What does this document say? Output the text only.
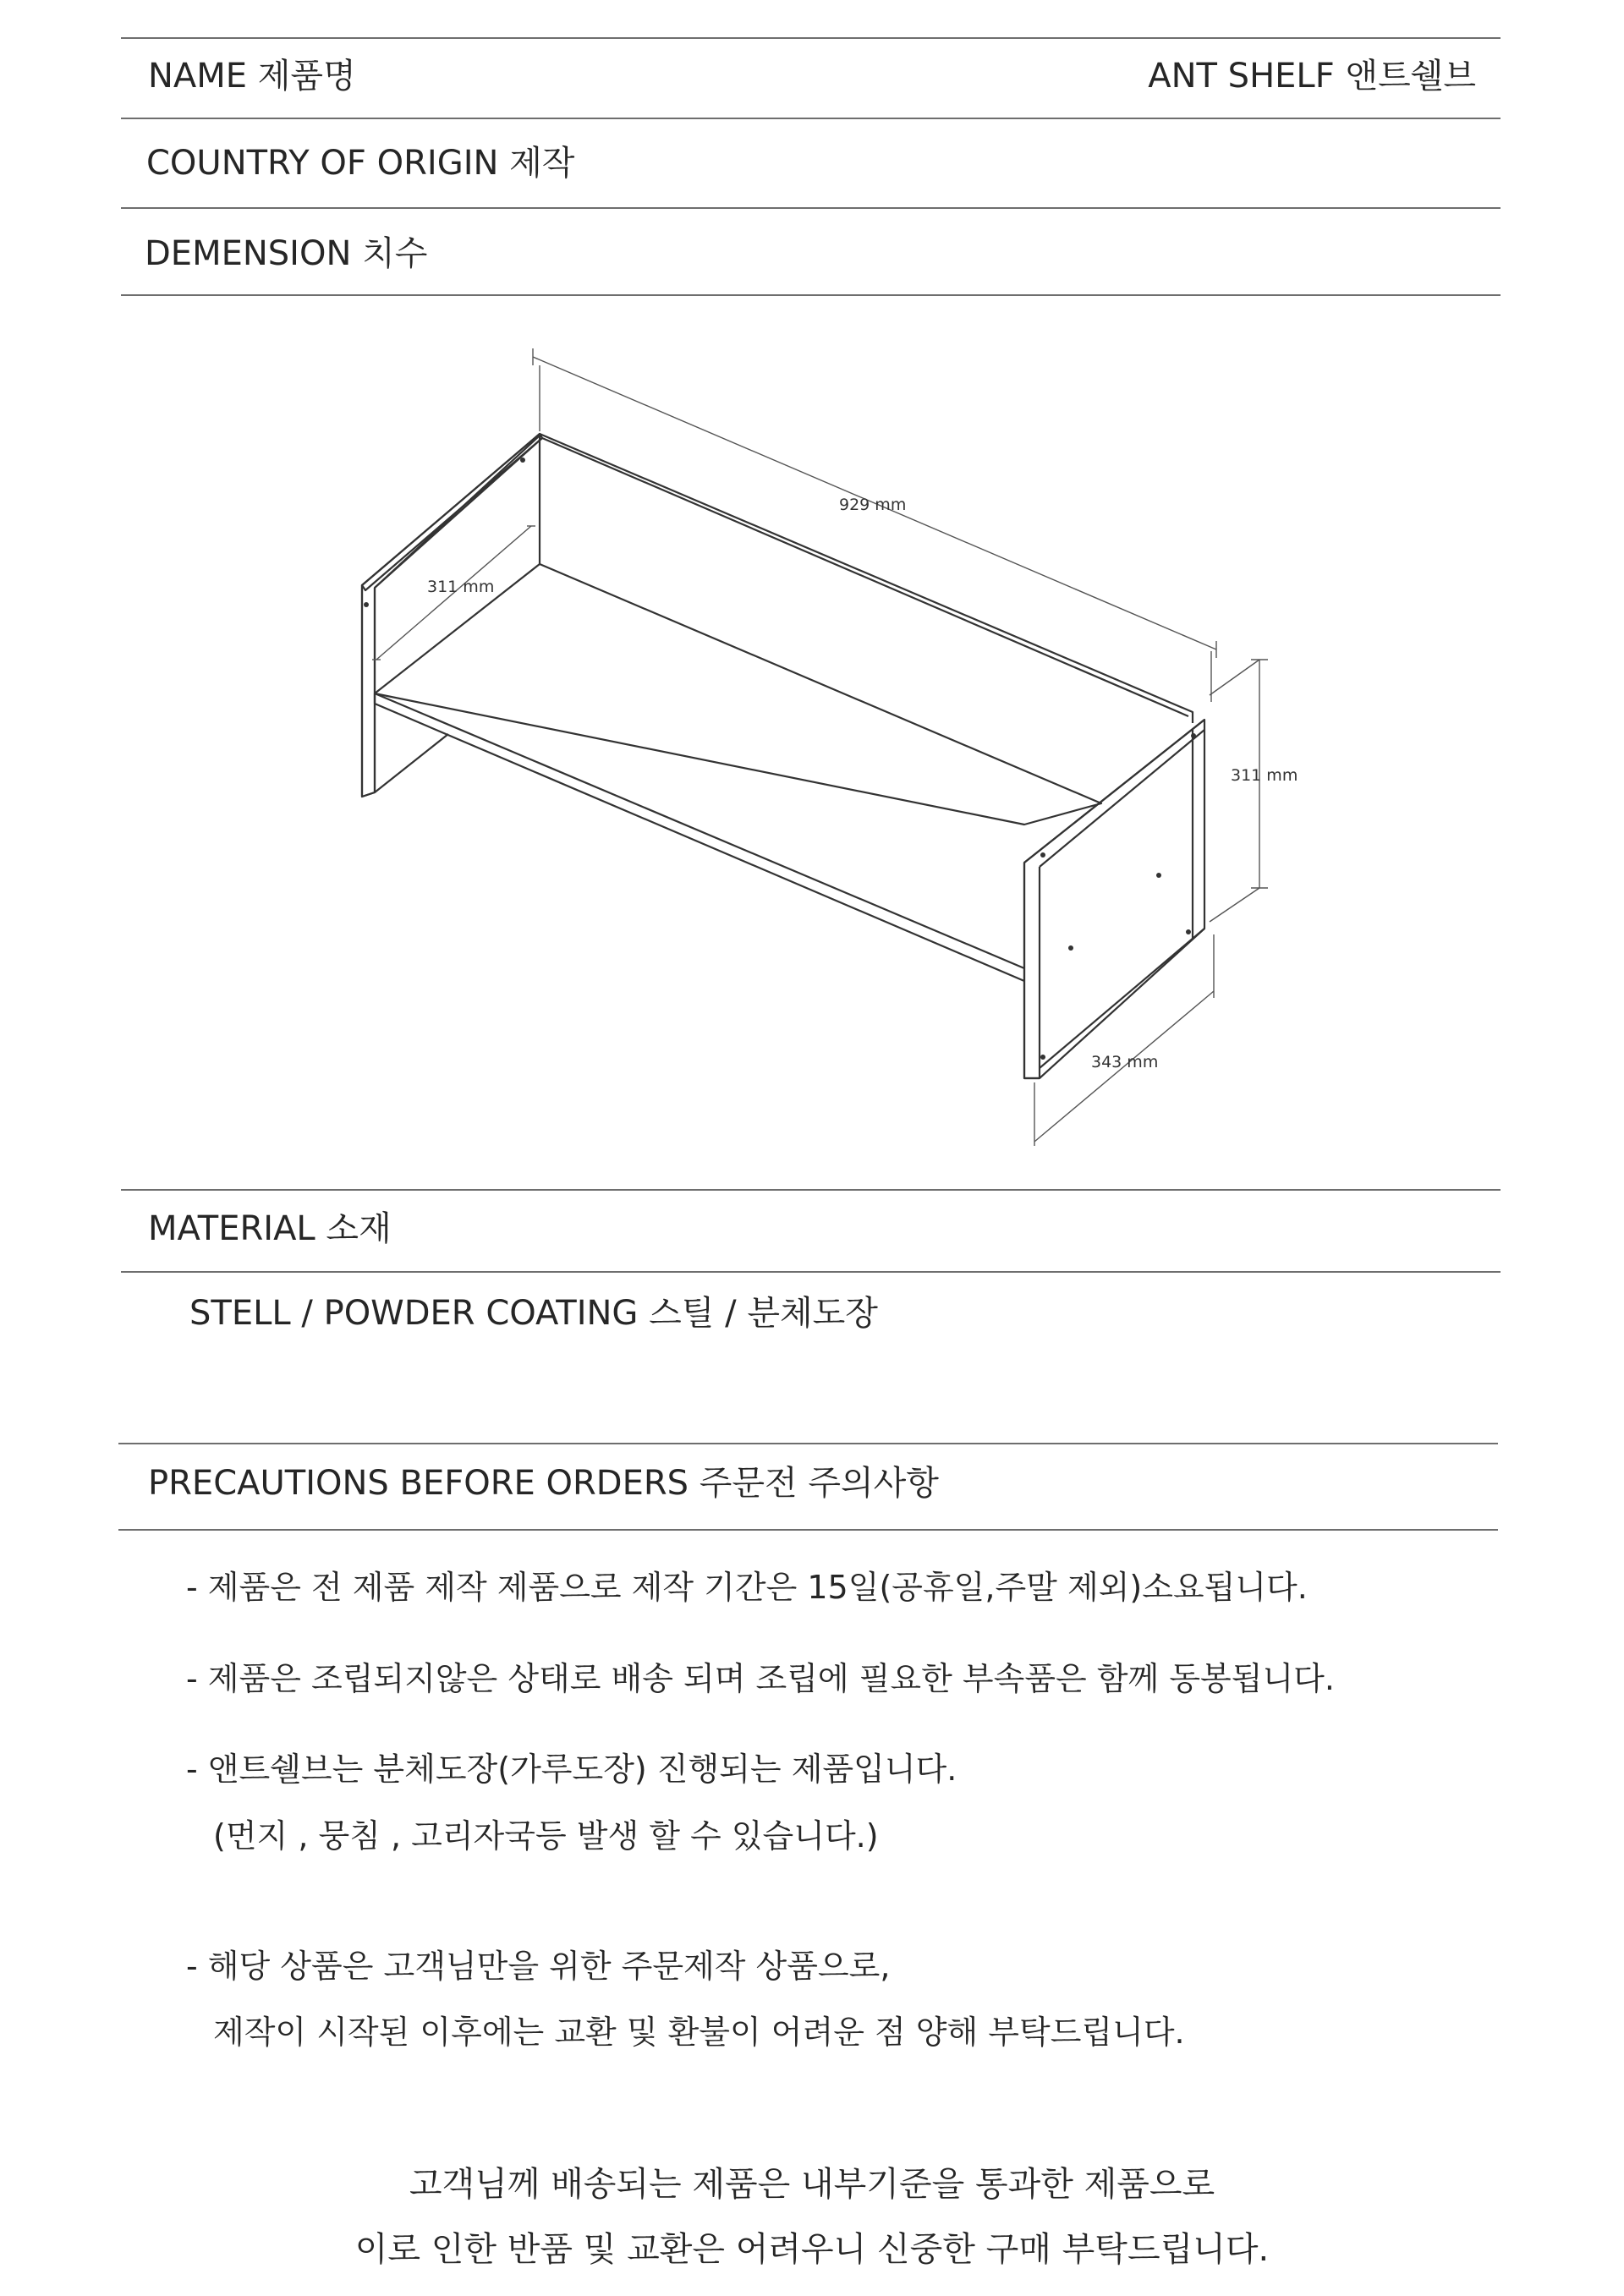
NAME 제품명	ANT SHELF 앤트쉘브
COUNTRY OF ORIGIN 제작
DEMENSION 치수
929 mm
311 mm
311 mm
343 mm
MATERIAL 소재
STELL / POWDER COATING 스틸 / 분체도장
PRECAUTIONS BEFORE ORDERS 주문전 주의사항
- 제품은 전 제품 제작 제품으로 제작 기간은 15일(공휴일,주말 제외)소요됩니다.
- 제품은 조립되지않은 상태로 배송 되며 조립에 필요한 부속품은 함께 동봉됩니다.
- 앤트쉘브는 분체도장(가루도장) 진행되는 제품입니다.
(먼지 , 뭉침 , 고리자국등 발생 할 수 있습니다.)
- 해당 상품은 고객님만을 위한 주문제작 상품으로,
제작이 시작된 이후에는 교환 및 환불이 어려운 점 양해 부탁드립니다.
고객님께 배송되는 제품은 내부기준을 통과한 제품으로
이로 인한 반품 및 교환은 어려우니 신중한 구매 부탁드립니다.
